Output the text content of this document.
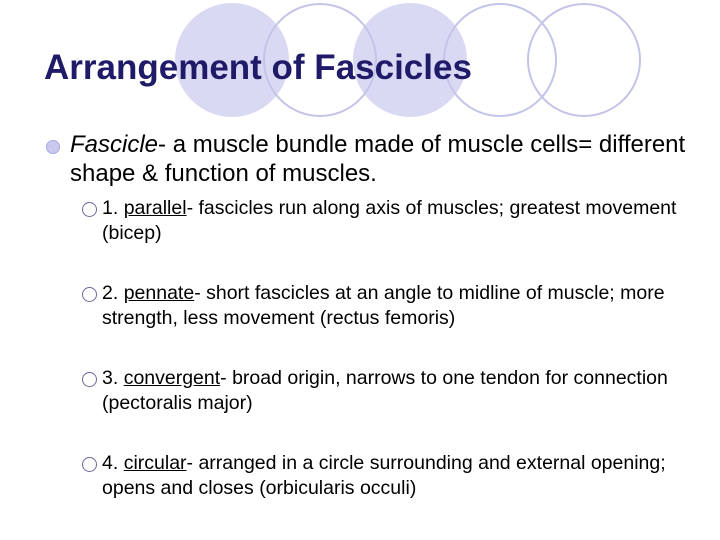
Arrangement of Fascicles
Fascicle- a muscle bundle made of muscle cells= different shape & function of muscles.
1. parallel- fascicles run along axis of muscles; greatest movement (bicep)
2. pennate- short fascicles at an angle to midline of muscle; more strength, less movement (rectus femoris)
3. convergent- broad origin, narrows to one tendon for connection (pectoralis major)
4. circular- arranged in a circle surrounding and external opening; opens and closes (orbicularis occuli)
